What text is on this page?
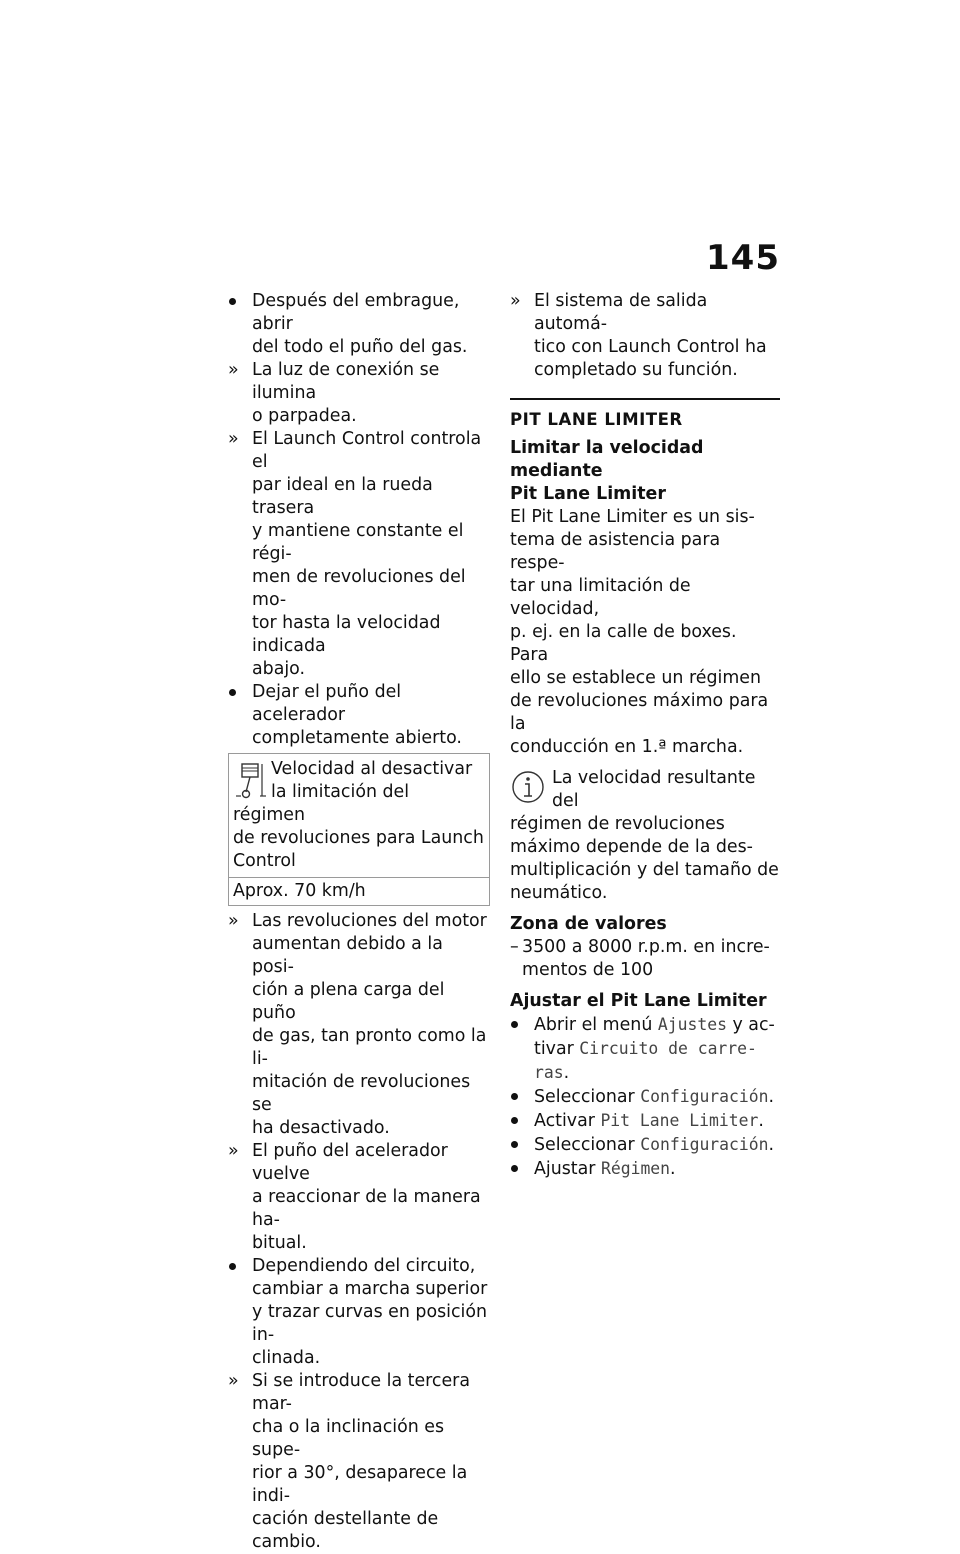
145
Después del embrague, abrir
del todo el puño del gas.
» La luz de conexión se ilumina
o parpadea.
» El Launch Control controla el
par ideal en la rueda trasera
y mantiene constante el régi-
men de revoluciones del mo-
tor hasta la velocidad indicada
abajo.
Dejar el puño del acelerador
completamente abierto.
Velocidad al desactivar
la limitación del régimen
de revoluciones para Launch
Control
Aprox. 70 km/h
» Las revoluciones del motor
aumentan debido a la posi-
ción a plena carga del puño
de gas, tan pronto como la li-
mitación de revoluciones se
ha desactivado.
» El puño del acelerador vuelve
a reaccionar de la manera ha-
bitual.
Dependiendo del circuito,
cambiar a marcha superior
y trazar curvas en posición in-
clinada.
» Si se introduce la tercera mar-
cha o la inclinación es supe-
rior a 30°, desaparece la indi-
cación destellante de cambio.
» El sistema de salida automá-
tico con Launch Control ha
completado su función.
PIT LANE LIMITER
Limitar la velocidad mediante
Pit Lane Limiter
El Pit Lane Limiter es un sis-
tema de asistencia para respe-
tar una limitación de velocidad,
p. ej. en la calle de boxes. Para
ello se establece un régimen
de revoluciones máximo para la
conducción en 1.ª marcha.
La velocidad resultante del
régimen de revoluciones
máximo depende de la des-
multiplicación y del tamaño de
neumático.
Zona de valores
– 3500 a 8000 r.p.m. en incre-
mentos de 100
Ajustar el Pit Lane Limiter
Abrir el menú Ajustes y ac-
tivar Circuito de carre-
ras.
Seleccionar Configuración.
Activar Pit Lane Limiter.
Seleccionar Configuración.
Ajustar Régimen.
